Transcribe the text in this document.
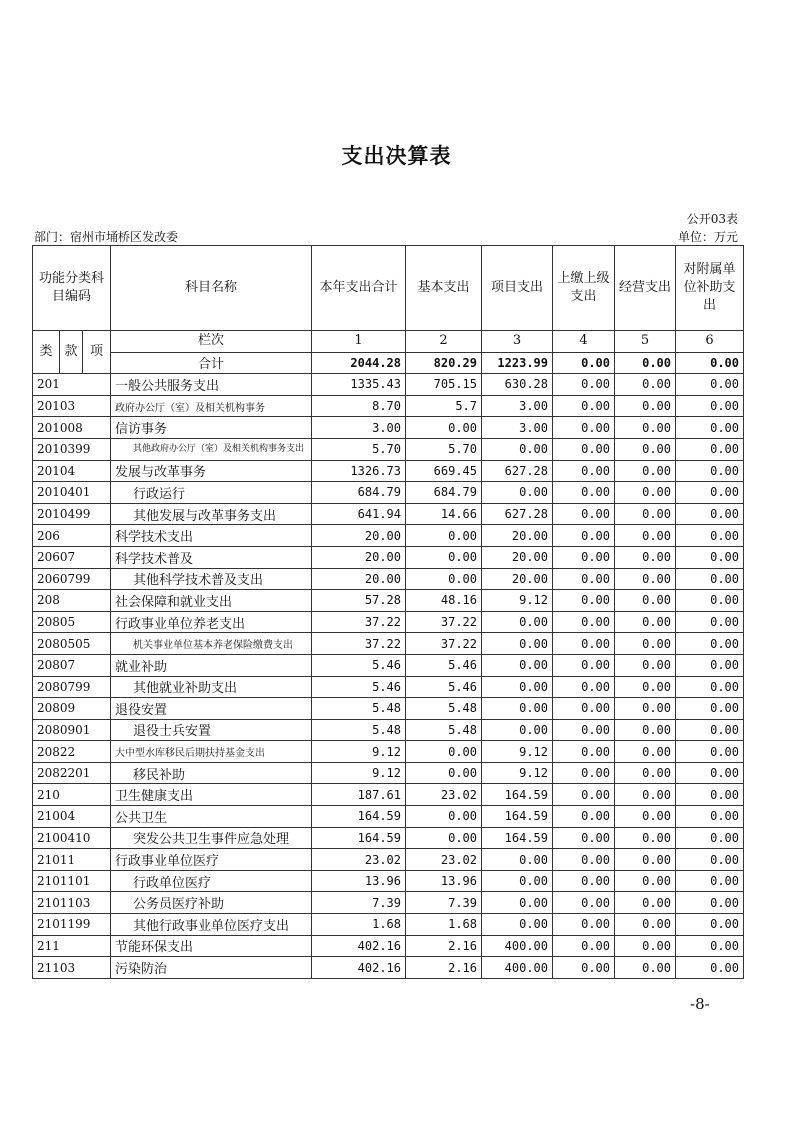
支出决算表
公开03表
部门：宿州市埇桥区发改委	单位：万元
功能分类科目编码			科目名称	本年支出合计	基本支出	项目支出	上缴上级支出	经营支出	对附属单位补助支出
类	款	项	栏次	1	2	3	4	5	6
			合计	2044.28	820.29	1223.99	0.00	0.00	0.00
201			一般公共服务支出	1335.43	705.15	630.28	0.00	0.00	0.00
20103			政府办公厅（室）及相关机构事务	8.70	5.7	3.00	0.00	0.00	0.00
201008			信访事务	3.00	0.00	3.00	0.00	0.00	0.00
2010399			其他政府办公厅（室）及相关机构事务支出	5.70	5.70	0.00	0.00	0.00	0.00
20104			发展与改革事务	1326.73	669.45	627.28	0.00	0.00	0.00
2010401			行政运行	684.79	684.79	0.00	0.00	0.00	0.00
2010499			其他发展与改革事务支出	641.94	14.66	627.28	0.00	0.00	0.00
206			科学技术支出	20.00	0.00	20.00	0.00	0.00	0.00
20607			科学技术普及	20.00	0.00	20.00	0.00	0.00	0.00
2060799			其他科学技术普及支出	20.00	0.00	20.00	0.00	0.00	0.00
208			社会保障和就业支出	57.28	48.16	9.12	0.00	0.00	0.00
20805			行政事业单位养老支出	37.22	37.22	0.00	0.00	0.00	0.00
2080505			机关事业单位基本养老保险缴费支出	37.22	37.22	0.00	0.00	0.00	0.00
20807			就业补助	5.46	5.46	0.00	0.00	0.00	0.00
2080799			其他就业补助支出	5.46	5.46	0.00	0.00	0.00	0.00
20809			退役安置	5.48	5.48	0.00	0.00	0.00	0.00
2080901			退役士兵安置	5.48	5.48	0.00	0.00	0.00	0.00
20822			大中型水库移民后期扶持基金支出	9.12	0.00	9.12	0.00	0.00	0.00
2082201			移民补助	9.12	0.00	9.12	0.00	0.00	0.00
210			卫生健康支出	187.61	23.02	164.59	0.00	0.00	0.00
21004			公共卫生	164.59	0.00	164.59	0.00	0.00	0.00
2100410			突发公共卫生事件应急处理	164.59	0.00	164.59	0.00	0.00	0.00
21011			行政事业单位医疗	23.02	23.02	0.00	0.00	0.00	0.00
2101101			行政单位医疗	13.96	13.96	0.00	0.00	0.00	0.00
2101103			公务员医疗补助	7.39	7.39	0.00	0.00	0.00	0.00
2101199			其他行政事业单位医疗支出	1.68	1.68	0.00	0.00	0.00	0.00
211			节能环保支出	402.16	2.16	400.00	0.00	0.00	0.00
21103			污染防治	402.16	2.16	400.00	0.00	0.00	0.00
-8-
